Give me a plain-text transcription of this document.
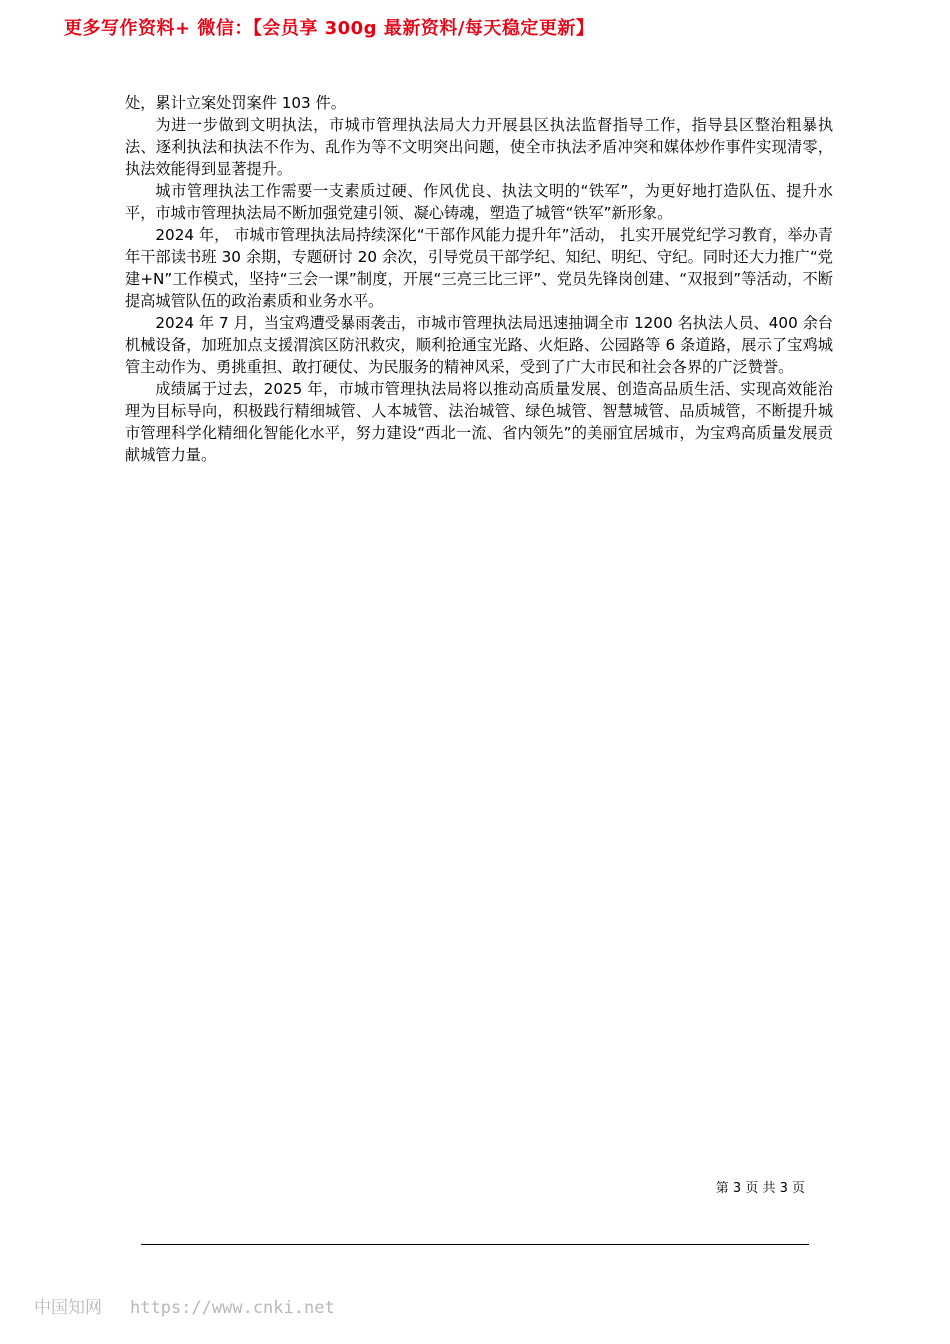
更多写作资料+ 微信：【会员享 300g 最新资料/每天稳定更新】

处，累计立案处罚案件 103 件。

为进一步做到文明执法，市城市管理执法局大力开展县区执法监督指导工作，指导县区整治粗暴执法、逐利执法和执法不作为、乱作为等不文明突出问题，使全市执法矛盾冲突和媒体炒作事件实现清零，执法效能得到显著提升。

城市管理执法工作需要一支素质过硬、作风优良、执法文明的“铁军”，为更好地打造队伍、提升水平，市城市管理执法局不断加强党建引领、凝心铸魂，塑造了城管“铁军”新形象。

2024 年， 市城市管理执法局持续深化“干部作风能力提升年”活动， 扎实开展党纪学习教育，举办青年干部读书班 30 余期，专题研讨 20 余次，引导党员干部学纪、知纪、明纪、守纪。同时还大力推广“党建+N”工作模式，坚持“三会一课”制度，开展“三亮三比三评”、党员先锋岗创建、“双报到”等活动，不断提高城管队伍的政治素质和业务水平。

2024 年 7 月，当宝鸡遭受暴雨袭击，市城市管理执法局迅速抽调全市 1200 名执法人员、400 余台机械设备，加班加点支援渭滨区防汛救灾，顺利抢通宝光路、火炬路、公园路等 6 条道路，展示了宝鸡城管主动作为、勇挑重担、敢打硬仗、为民服务的精神风采，受到了广大市民和社会各界的广泛赞誉。

成绩属于过去，2025 年，市城市管理执法局将以推动高质量发展、创造高品质生活、实现高效能治理为目标导向，积极践行精细城管、人本城管、法治城管、绿色城管、智慧城管、品质城管，不断提升城市管理科学化精细化智能化水平，努力建设“西北一流、省内领先”的美丽宜居城市，为宝鸡高质量发展贡献城管力量。

第 3 页 共 3 页
中国知网 https://www.cnki.net
